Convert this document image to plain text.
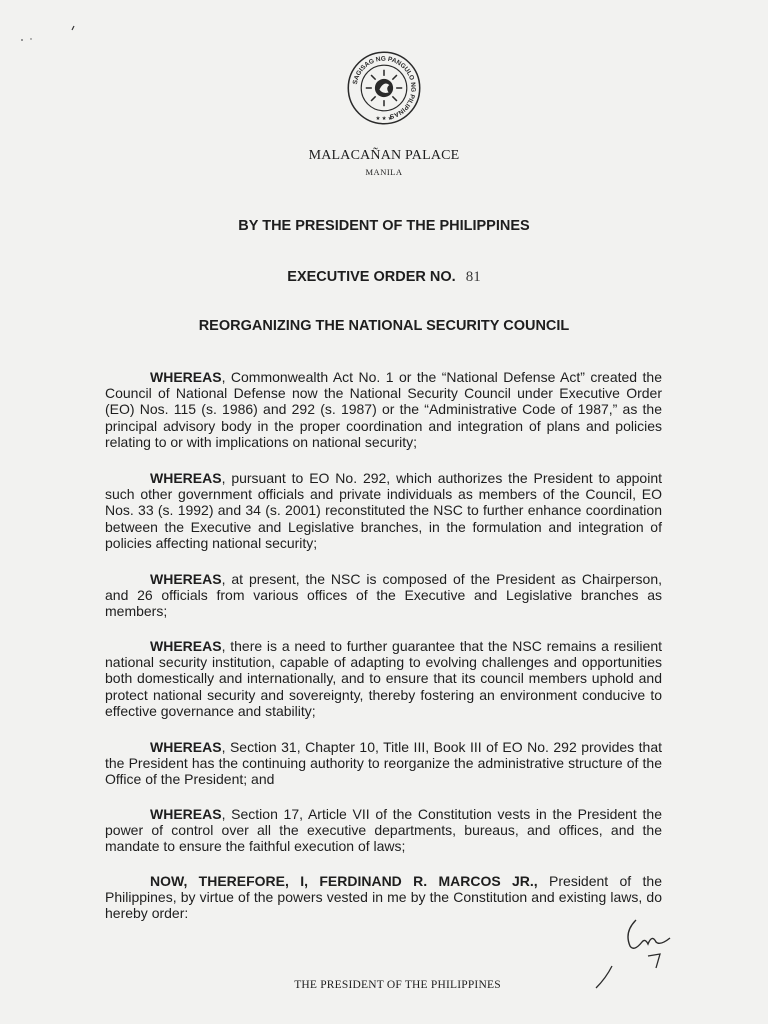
SAGISAG NG PANGULO NG PILIPINAS
★ ★ ★
MALACAÑAN PALACE
MANILA
BY THE PRESIDENT OF THE PHILIPPINES
EXECUTIVE ORDER NO. 81
REORGANIZING THE NATIONAL SECURITY COUNCIL

WHEREAS, Commonwealth Act No. 1 or the “National Defense Act” created the Council of National Defense now the National Security Council under Executive Order (EO) Nos. 115 (s. 1986) and 292 (s. 1987) or the “Administrative Code of 1987,” as the principal advisory body in the proper coordination and integration of plans and policies relating to or with implications on national security;

WHEREAS, pursuant to EO No. 292, which authorizes the President to appoint such other government officials and private individuals as members of the Council, EO Nos. 33 (s. 1992) and 34 (s. 2001) reconstituted the NSC to further enhance coordination between the Executive and Legislative branches, in the formulation and integration of policies affecting national security;

WHEREAS, at present, the NSC is composed of the President as Chairperson, and 26 officials from various offices of the Executive and Legislative branches as members;

WHEREAS, there is a need to further guarantee that the NSC remains a resilient national security institution, capable of adapting to evolving challenges and opportunities both domestically and internationally, and to ensure that its council members uphold and protect national security and sovereignty, thereby fostering an environment conducive to effective governance and stability;

WHEREAS, Section 31, Chapter 10, Title III, Book III of EO No. 292 provides that the President has the continuing authority to reorganize the administrative structure of the Office of the President; and

WHEREAS, Section 17, Article VII of the Constitution vests in the President the power of control over all the executive departments, bureaus, and offices, and the mandate to ensure the faithful execution of laws;

NOW, THEREFORE, I, FERDINAND R. MARCOS JR., President of the Philippines, by virtue of the powers vested in me by the Constitution and existing laws, do hereby order:

THE PRESIDENT OF THE PHILIPPINES
